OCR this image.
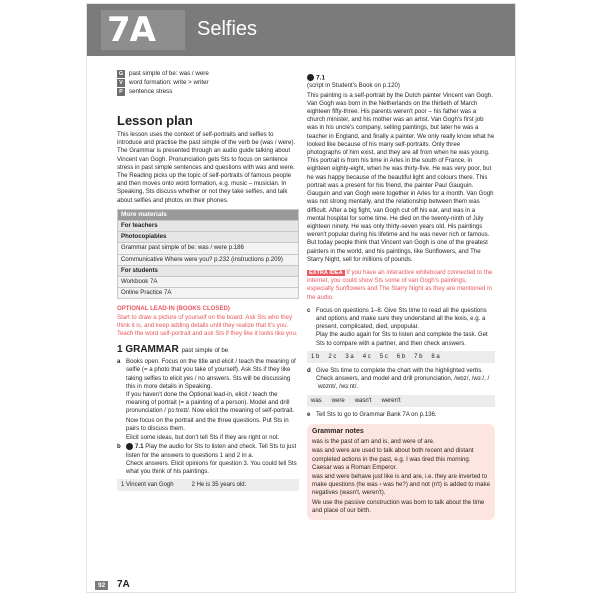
7A	Selfies
G past simple of be: was / were
V word formation: write > writer
P sentence stress
Lesson plan

This lesson uses the context of self-portraits and selfies to introduce and practise the past simple of the verb be (was / were). The Grammar is presented through an audio guide talking about Vincent van Gogh. Pronunciation gets Sts to focus on sentence stress in past simple sentences and questions with was and were. The Reading picks up the topic of self-portraits of famous people and then moves onto word formation, e.g. music – musician. In Speaking, Sts discuss whether or not they take selfies, and talk about selfies and photos on their phones.

More materials
For teachers
Photocopiables
Grammar past simple of be: was / were p.186
Communicative Where were you? p.232 (instructions p.209)
For students
Workbook 7A
Online Practice 7A
OPTIONAL LEAD-IN (BOOKS CLOSED)
Start to draw a picture of yourself on the board. Ask Sts who they think it is, and keep adding details until they realize that it's you. Teach the word self-portrait and ask Sts if they like it looks like you.
1 GRAMMAR past simple of be
a Books open. Focus on the title and elicit / teach the meaning of selfie (= a photo that you take of yourself). Ask Sts if they like taking selfies to elicit yes / no answers. Sts will be discussing this in more details in Speaking.

If you haven't done the Optional lead-in, elicit / teach the meaning of portrait (= a painting of a person). Model and drill pronunciation /ˈpɔːtreɪt/. Now elicit the meaning of self-portrait.

Now focus on the portrait and the three questions. Put Sts in pairs to discuss them.

Elicit some ideas, but don't tell Sts if they are right or not.

b	7.1 Play the audio for Sts to listen and check. Tell Sts to just listen for the answers to questions 1 and 2 in a.

Check answers. Elicit opinions for question 3. You could tell Sts what you think of his paintings.

1 Vincent van Gogh	2 He is 35 years old.
7.1

(script in Student's Book on p.120)

This painting is a self-portrait by the Dutch painter Vincent van Gogh. Van Gogh was born in the Netherlands on the thirtieth of March eighteen fifty-three. His parents weren't poor – his father was a church minister, and his mother was an artist. Van Gogh's first job was in his uncle's company, selling paintings, but later he was a teacher in England, and finally a painter. We only really know what he looked like because of his many self-portraits. Only three photographs of him exist, and they are all from when he was young. This portrait is from his time in Arles in the south of France, in eighteen eighty-eight, when he was thirty-five. He was very poor, but he was happy because of the beautiful light and colours there. This portrait was a present for his friend, the painter Paul Gauguin. Gauguin and van Gogh were together in Arles for a month. Van Gogh was not strong mentally, and the relationship between them was difficult. After a big fight, van Gogh cut off his ear, and was in a mental hospital for some time. He died on the twenty-ninth of July eighteen ninety. He was only thirty-seven years old. His paintings weren't popular during his lifetime and he was never rich or famous. But today people think that Vincent van Gogh is one of the greatest painters in the world, and his paintings, like Sunflowers, and The Starry Night, sell for millions of pounds.

EXTRA IDEA If you have an interactive whiteboard connected to the internet, you could show Sts some of van Gogh's paintings, especially Sunflowers and The Starry Night as they are mentioned in the audio.
c Focus on questions 1–8. Give Sts time to read all the questions and options and make sure they understand all the lexis, e.g. a present, complicated, died, unpopular.

Play the audio again for Sts to listen and complete the task. Get Sts to compare with a partner, and then check answers.

1 b 2 c 3 a 4 c 5 c 6 b 7 b 8 a
d Give Sts time to complete the chart with the highlighted verbs.

Check answers, and model and drill pronunciation, /wɒz/, /wɜː/, /ˈwɒznt/, /wɜːnt/.

was were wasn't weren't
e Tell Sts to go to Grammar Bank 7A on p.136.
Grammar notes

was is the past of am and is, and were of are.

was and were are used to talk about both recent and distant completed actions in the past, e.g. I was tired this morning. Caesar was a Roman Emperor.

was and were behave just like is and are, i.e. they are inverted to make questions (he was › was he?) and not (n't) is added to make negatives (wasn't, weren't).

We use the passive construction was born to talk about the time and place of our birth.

92	7A
